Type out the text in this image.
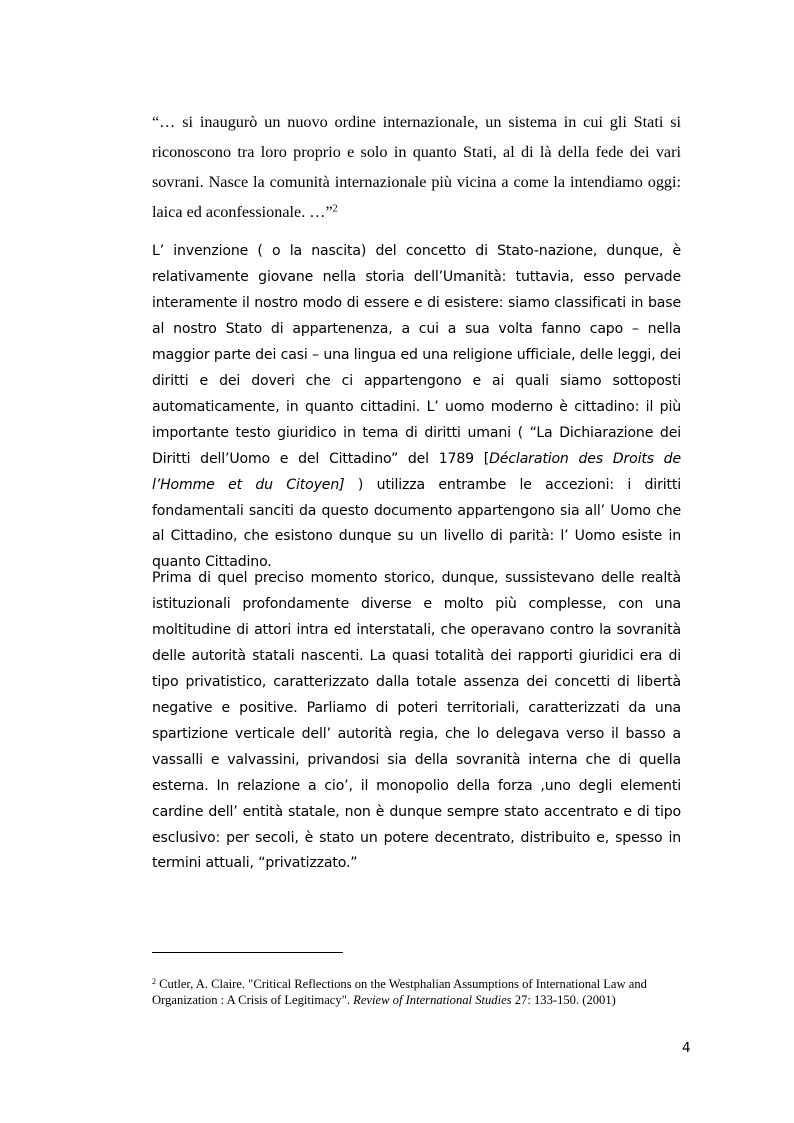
“… si inaugurò un nuovo ordine internazionale, un sistema in cui gli Stati si riconoscono tra loro proprio e solo in quanto Stati, al di là della fede dei vari sovrani. Nasce la comunità internazionale più vicina a come la intendiamo oggi: laica ed aconfessionale. …”$^2$

L’ invenzione ( o la nascita) del concetto di Stato-nazione, dunque, è relativamente giovane nella storia dell’Umanità: tuttavia, esso pervade interamente il nostro modo di essere e di esistere: siamo classificati in base al nostro Stato di appartenenza, a cui a sua volta fanno capo – nella maggior parte dei casi – una lingua ed una religione ufficiale, delle leggi, dei diritti e dei doveri che ci appartengono e ai quali siamo sottoposti automaticamente, in quanto cittadini. L’ uomo moderno è cittadino: il più importante testo giuridico in tema di diritti umani ( “La Dichiarazione dei Diritti dell’Uomo e del Cittadino” del 1789 [Déclaration des Droits de l’Homme et du Citoyen] ) utilizza entrambe le accezioni: i diritti fondamentali sanciti da questo documento appartengono sia all’ Uomo che al Cittadino, che esistono dunque su un livello di parità: l’ Uomo esiste in quanto Cittadino.

Prima di quel preciso momento storico, dunque, sussistevano delle realtà istituzionali profondamente diverse e molto più complesse, con una moltitudine di attori intra ed interstatali, che operavano contro la sovranità delle autorità statali nascenti. La quasi totalità dei rapporti giuridici era di tipo privatistico, caratterizzato dalla totale assenza dei concetti di libertà negative e positive. Parliamo di poteri territoriali, caratterizzati da una spartizione verticale dell’ autorità regia, che lo delegava verso il basso a vassalli e valvassini, privandosi sia della sovranità interna che di quella esterna. In relazione a cio’, il monopolio della forza ,uno degli elementi cardine dell’ entità statale, non è dunque sempre stato accentrato e di tipo esclusivo: per secoli, è stato un potere decentrato, distribuito e, spesso in termini attuali, “privatizzato.”

$^2$ Cutler, A. Claire. "Critical Reflections on the Westphalian Assumptions of International Law and Organization : A Crisis of Legitimacy". Review of International Studies 27: 133-150. (2001)

4
